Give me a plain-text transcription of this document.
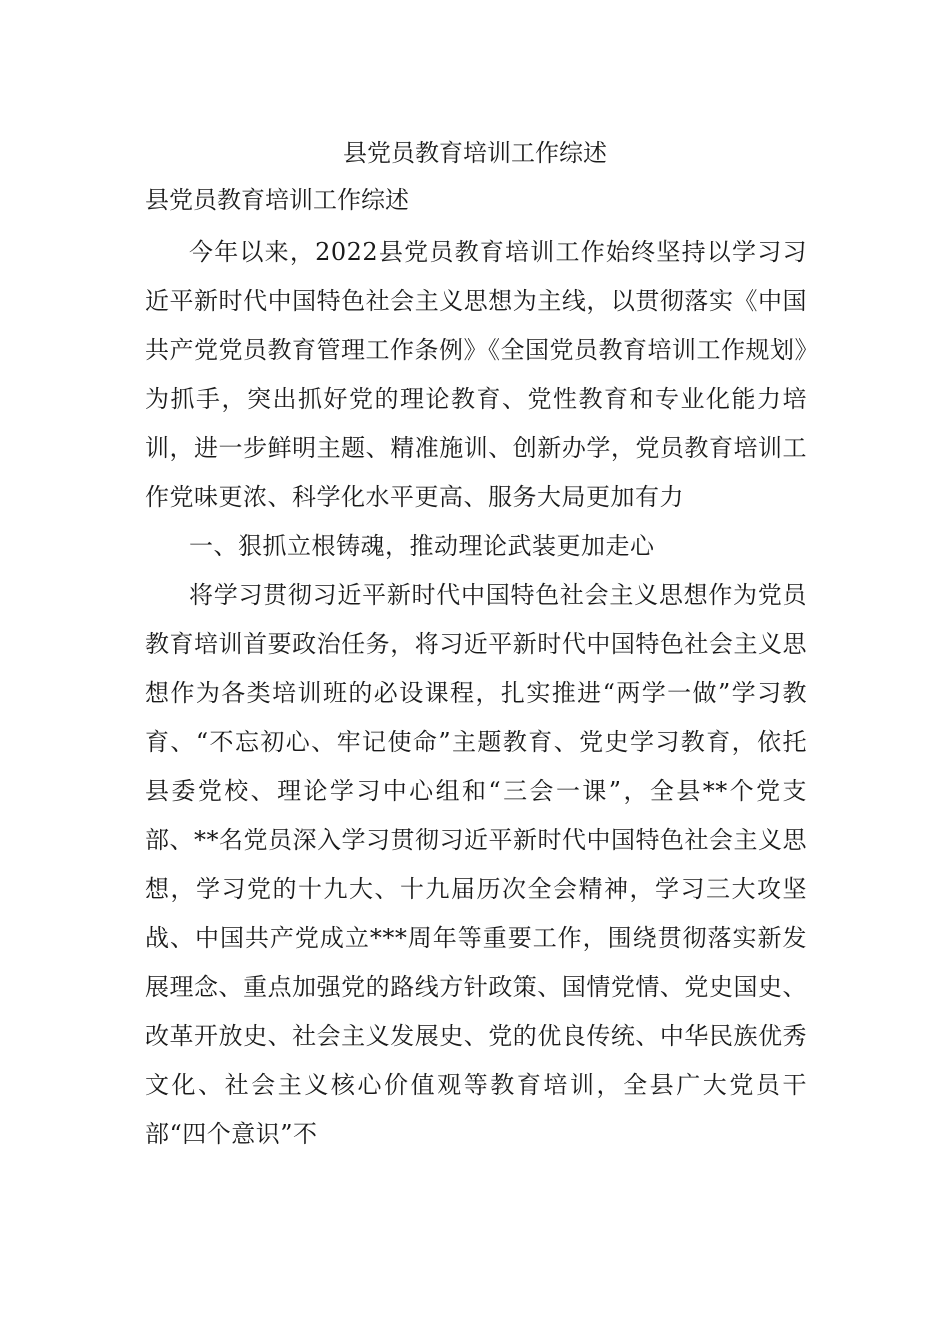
县党员教育培训工作综述
县党员教育培训工作综述

今年以来，2022县党员教育培训工作始终坚持以学习习近平新时代中国特色社会主义思想为主线，以贯彻落实《中国共产党党员教育管理工作条例》《全国党员教育培训工作规划》为抓手，突出抓好党的理论教育、党性教育和专业化能力培训，进一步鲜明主题、精准施训、创新办学，党员教育培训工作党味更浓、科学化水平更高、服务大局更加有力

一、狠抓立根铸魂，推动理论武装更加走心

将学习贯彻习近平新时代中国特色社会主义思想作为党员教育培训首要政治任务，将习近平新时代中国特色社会主义思想作为各类培训班的必设课程，扎实推进“两学一做”学习教育、“不忘初心、牢记使命”主题教育、党史学习教育，依托县委党校、理论学习中心组和“三会一课”，全县**个党支部、**名党员深入学习贯彻习近平新时代中国特色社会主义思想，学习党的十九大、十九届历次全会精神，学习三大攻坚战、中国共产党成立***周年等重要工作，围绕贯彻落实新发展理念、重点加强党的路线方针政策、国情党情、党史国史、改革开放史、社会主义发展史、党的优良传统、中华民族优秀文化、社会主义核心价值观等教育培训，全县广大党员干部“四个意识”不
